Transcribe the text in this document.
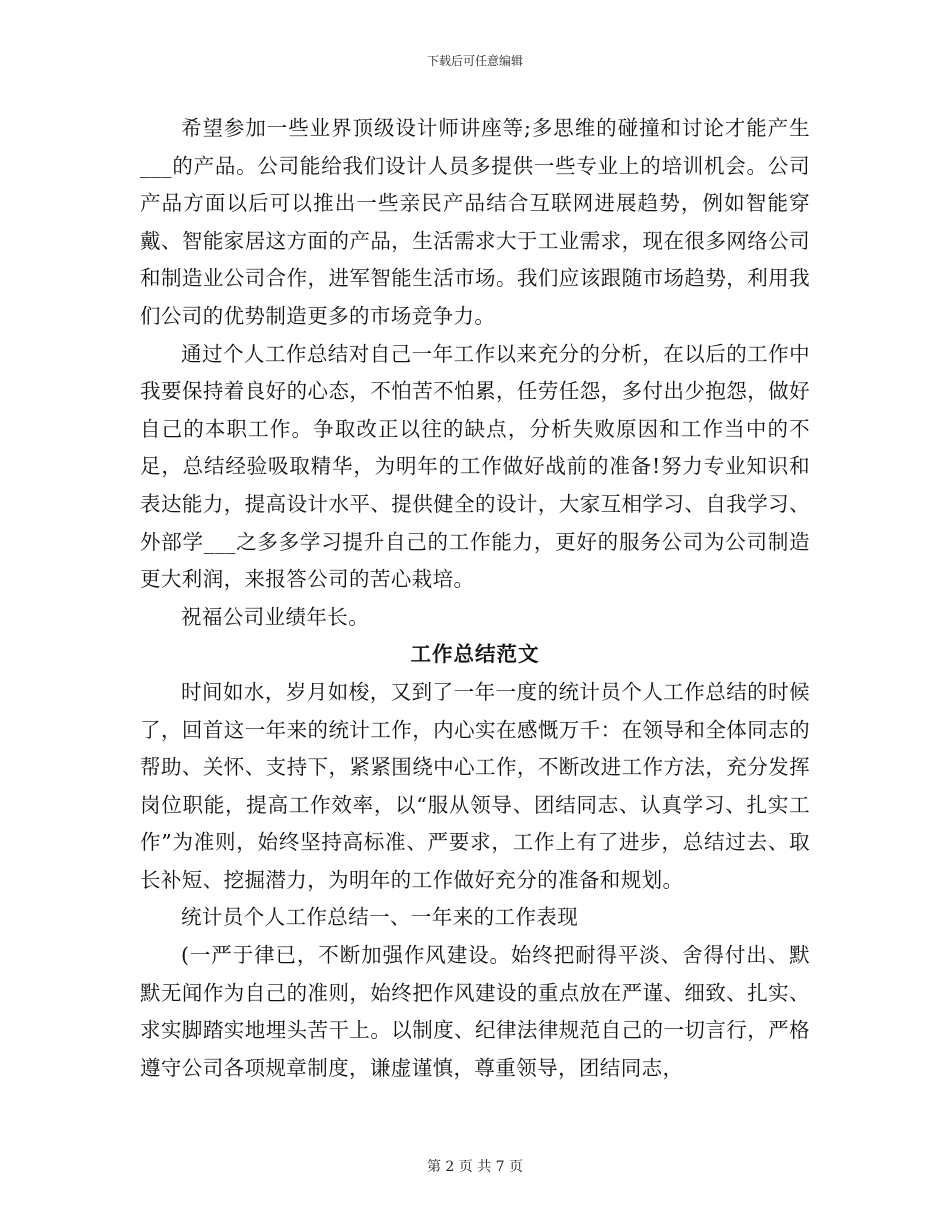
下载后可任意编辑

希望参加一些业界顶级设计师讲座等;多思维的碰撞和讨论才能产生___的产品。公司能给我们设计人员多提供一些专业上的培训机会。公司产品方面以后可以推出一些亲民产品结合互联网进展趋势，例如智能穿戴、智能家居这方面的产品，生活需求大于工业需求，现在很多网络公司和制造业公司合作，进军智能生活市场。我们应该跟随市场趋势，利用我们公司的优势制造更多的市场竞争力。

通过个人工作总结对自己一年工作以来充分的分析，在以后的工作中我要保持着良好的心态，不怕苦不怕累，任劳任怨，多付出少抱怨，做好自己的本职工作。争取改正以往的缺点，分析失败原因和工作当中的不足，总结经验吸取精华，为明年的工作做好战前的准备!努力专业知识和表达能力，提高设计水平、提供健全的设计，大家互相学习、自我学习、外部学___之多多学习提升自己的工作能力，更好的服务公司为公司制造更大利润，来报答公司的苦心栽培。

祝福公司业绩年长。

工作总结范文

时间如水，岁月如梭，又到了一年一度的统计员个人工作总结的时候了，回首这一年来的统计工作，内心实在感慨万千：在领导和全体同志的帮助、关怀、支持下，紧紧围绕中心工作，不断改进工作方法，充分发挥岗位职能，提高工作效率，以“服从领导、团结同志、认真学习、扎实工作”为准则，始终坚持高标准、严要求，工作上有了进步，总结过去、取长补短、挖掘潜力，为明年的工作做好充分的准备和规划。

统计员个人工作总结一、一年来的工作表现

(一严于律已，不断加强作风建设。始终把耐得平淡、舍得付出、默默无闻作为自己的准则，始终把作风建设的重点放在严谨、细致、扎实、求实脚踏实地埋头苦干上。以制度、纪律法律规范自己的一切言行，严格遵守公司各项规章制度，谦虚谨慎，尊重领导，团结同志，

第 2 页 共 7 页
